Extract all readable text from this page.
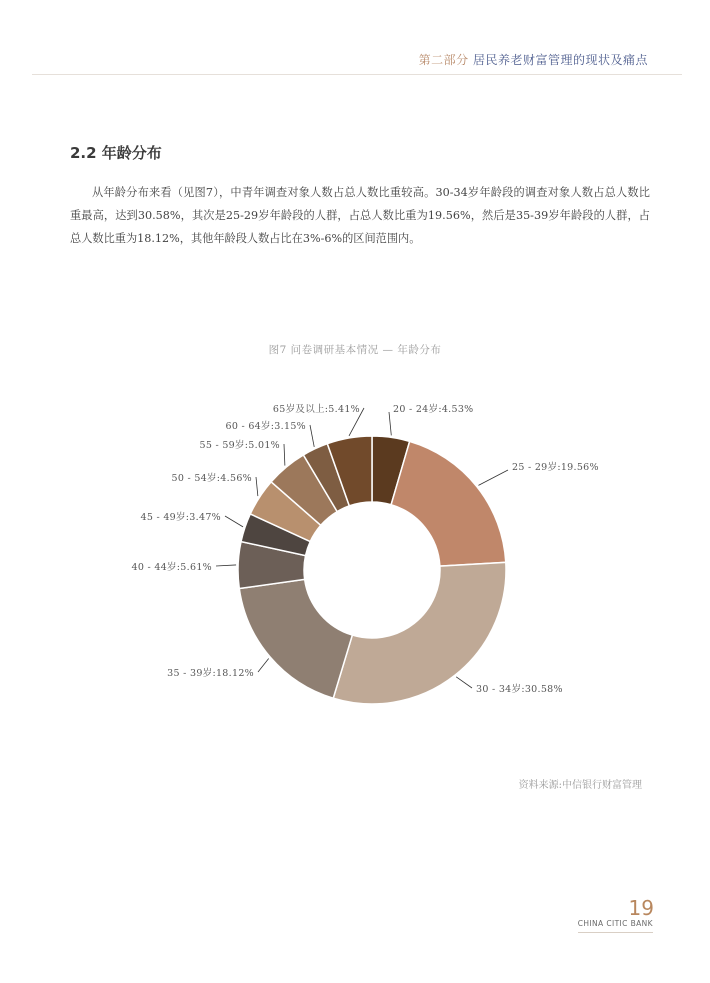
第二部分 居民养老财富管理的现状及痛点
2.2 年龄分布
从年龄分布来看（见图7），中青年调查对象人数占总人数比重较高。30-34岁年龄段的调查对象人数占总人数比重最高，达到30.58%，其次是25-29岁年龄段的人群，占总人数比重为19.56%，然后是35-39岁年龄段的人群，占总人数比重为18.12%，其他年龄段人数占比在3%-6%的区间范围内。
图7 问卷调研基本情况 — 年龄分布
20 - 24岁:4.53%
25 - 29岁:19.56%
30 - 34岁:30.58%
35 - 39岁:18.12%
40 - 44岁:5.61%
45 - 49岁:3.47%
50 - 54岁:4.56%
55 - 59岁:5.01%
60 - 64岁:3.15%
65岁及以上:5.41%
资料来源:中信银行财富管理
19
CHINA CITIC BANK
